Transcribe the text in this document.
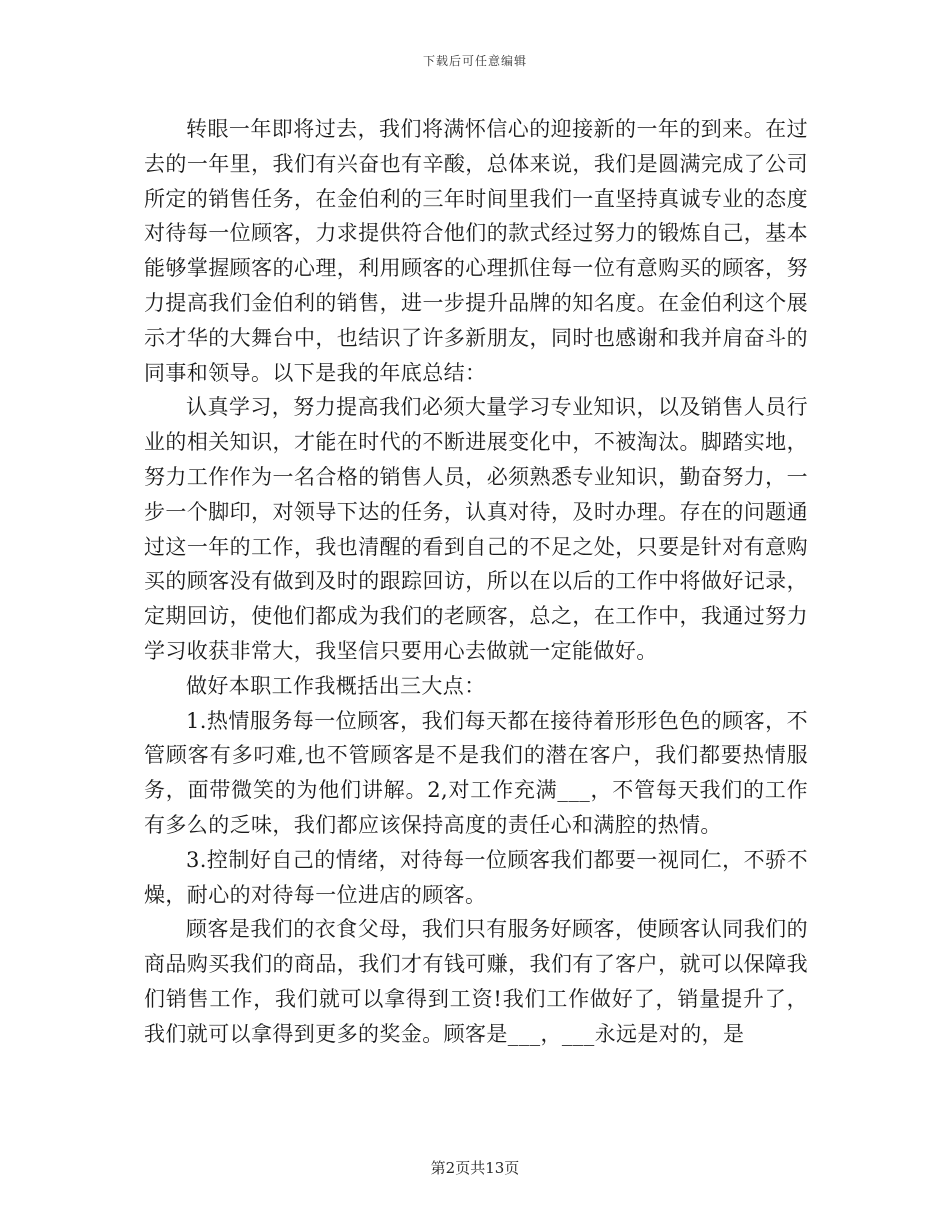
下载后可任意编辑

转眼一年即将过去，我们将满怀信心的迎接新的一年的到来。在过去的一年里，我们有兴奋也有辛酸，总体来说，我们是圆满完成了公司所定的销售任务，在金伯利的三年时间里我们一直坚持真诚专业的态度对待每一位顾客，力求提供符合他们的款式经过努力的锻炼自己，基本能够掌握顾客的心理，利用顾客的心理抓住每一位有意购买的顾客，努力提高我们金伯利的销售，进一步提升品牌的知名度。在金伯利这个展示才华的大舞台中，也结识了许多新朋友，同时也感谢和我并肩奋斗的同事和领导。以下是我的年底总结：

认真学习，努力提高我们必须大量学习专业知识，以及销售人员行业的相关知识，才能在时代的不断进展变化中，不被淘汰。脚踏实地，努力工作作为一名合格的销售人员，必须熟悉专业知识，勤奋努力，一步一个脚印，对领导下达的任务，认真对待，及时办理。存在的问题通过这一年的工作，我也清醒的看到自己的不足之处，只要是针对有意购买的顾客没有做到及时的跟踪回访，所以在以后的工作中将做好记录，定期回访，使他们都成为我们的老顾客，总之，在工作中，我通过努力学习收获非常大，我坚信只要用心去做就一定能做好。

做好本职工作我概括出三大点：

1.热情服务每一位顾客，我们每天都在接待着形形色色的顾客，不管顾客有多叼难,也不管顾客是不是我们的潜在客户，我们都要热情服务，面带微笑的为他们讲解。2,对工作充满___，不管每天我们的工作有多么的乏味，我们都应该保持高度的责任心和满腔的热情。

3.控制好自己的情绪，对待每一位顾客我们都要一视同仁，不骄不燥，耐心的对待每一位进店的顾客。

顾客是我们的衣食父母，我们只有服务好顾客，使顾客认同我们的商品购买我们的商品，我们才有钱可赚，我们有了客户，就可以保障我们销售工作，我们就可以拿得到工资!我们工作做好了，销量提升了，我们就可以拿得到更多的奖金。顾客是___，___永远是对的，是

第2页共13页
